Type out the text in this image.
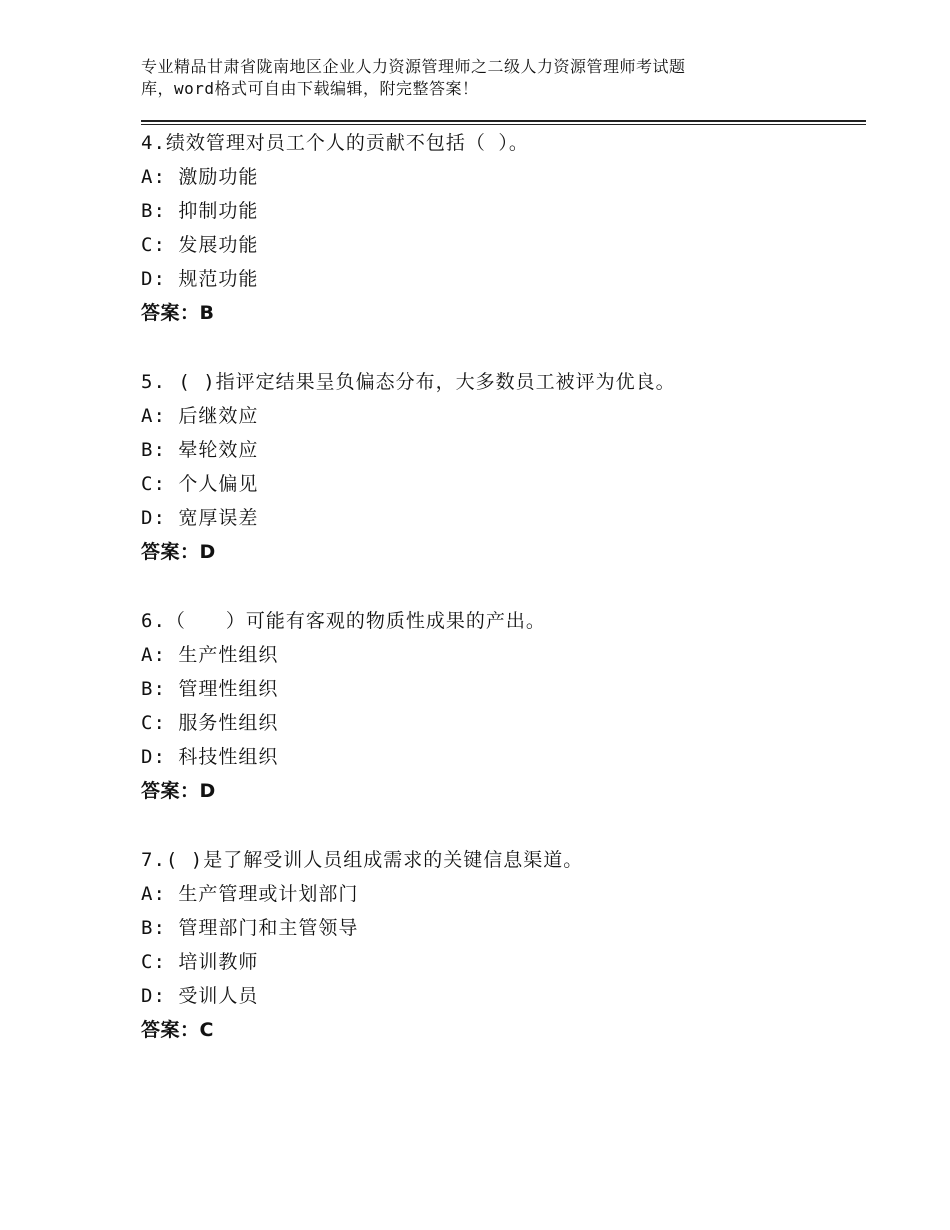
专业精品甘肃省陇南地区企业人力资源管理师之二级人力资源管理师考试题
库，word格式可自由下载编辑，附完整答案！
4.绩效管理对员工个人的贡献不包括（ ）。
A: 激励功能
B: 抑制功能
C: 发展功能
D: 规范功能
答案：B
5. ( )指评定结果呈负偏态分布，大多数员工被评为优良。
A: 后继效应
B: 晕轮效应
C: 个人偏见
D: 宽厚误差
答案：D
6.（　　）可能有客观的物质性成果的产出。
A: 生产性组织
B: 管理性组织
C: 服务性组织
D: 科技性组织
答案：D
7.( )是了解受训人员组成需求的关键信息渠道。
A: 生产管理或计划部门
B: 管理部门和主管领导
C: 培训教师
D: 受训人员
答案：C
